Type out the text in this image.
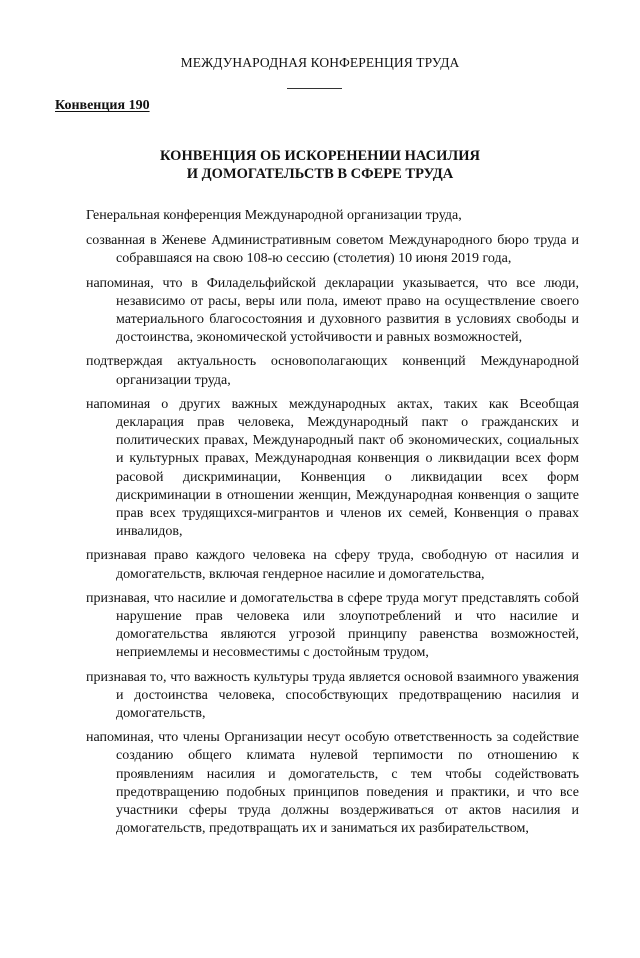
МЕЖДУНАРОДНАЯ КОНФЕРЕНЦИЯ ТРУДА
Конвенция 190
КОНВЕНЦИЯ ОБ ИСКОРЕНЕНИИ НАСИЛИЯ
И ДОМОГАТЕЛЬСТВ В СФЕРЕ ТРУДА

Генеральная конференция Международной организации труда,

созванная в Женеве Административным советом Международного бюро труда и собравшаяся на свою 108-ю сессию (столетия) 10 июня 2019 года,

напоминая, что в Филадельфийской декларации указывается, что все люди, независимо от расы, веры или пола, имеют право на осуществление своего материального благосостояния и духовного развития в условиях свободы и достоинства, экономической устойчивости и равных возможностей,

подтверждая актуальность основополагающих конвенций Международной организации труда,

напоминая о других важных международных актах, таких как Всеобщая декларация прав человека, Международный пакт о гражданских и политических правах, Международный пакт об экономических, социальных и культурных правах, Международная конвенция о ликвидации всех форм расовой дискриминации, Конвенция о ликвидации всех форм дискриминации в отношении женщин, Международная конвенция о защите прав всех трудящихся-мигрантов и членов их семей, Конвенция о правах инвалидов,

признавая право каждого человека на сферу труда, свободную от насилия и домогательств, включая гендерное насилие и домогательства,

признавая, что насилие и домогательства в сфере труда могут представлять собой нарушение прав человека или злоупотреблений и что насилие и домогательства являются угрозой принципу равенства возможностей, неприемлемы и несовместимы с достойным трудом,

признавая то, что важность культуры труда является основой взаимного уважения и достоинства человека, способствующих предотвращению насилия и домогательств,

напоминая, что члены Организации несут особую ответственность за содействие созданию общего климата нулевой терпимости по отношению к проявлениям насилия и домогательств, с тем чтобы содействовать предотвращению подобных принципов поведения и практики, и что все участники сферы труда должны воздерживаться от актов насилия и домогательств, предотвращать их и заниматься их разбирательством,
